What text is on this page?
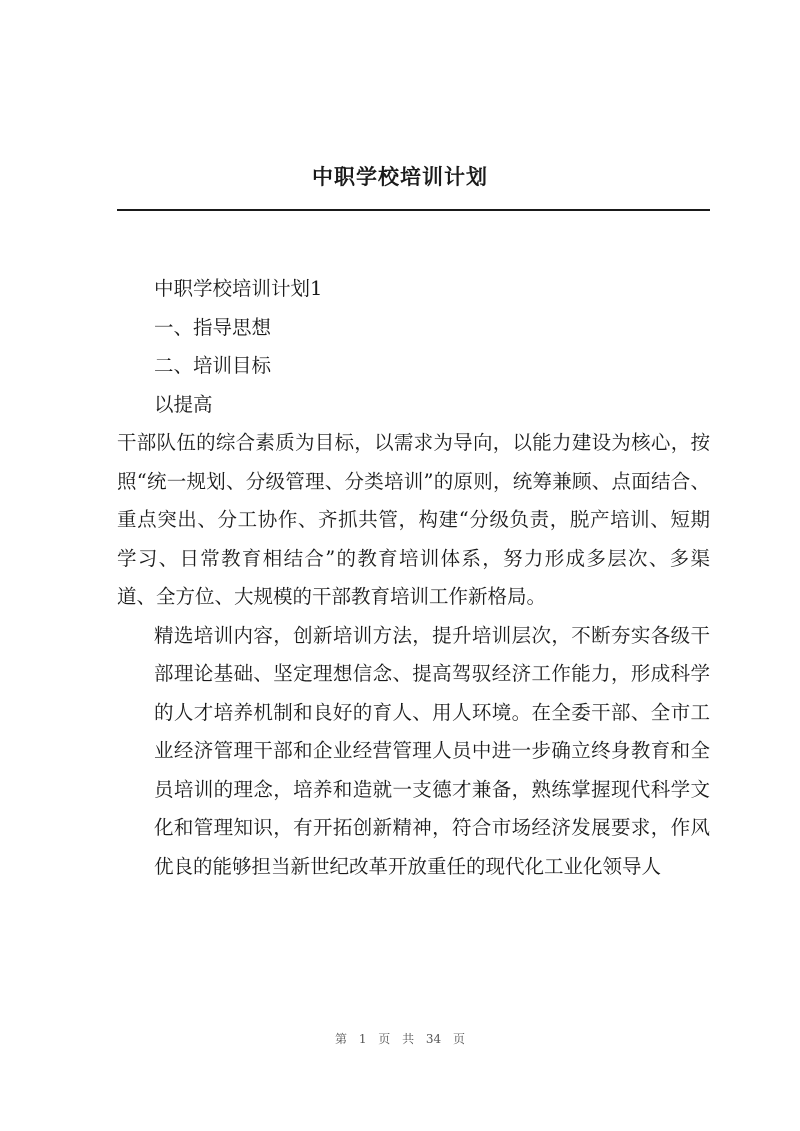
中职学校培训计划

中职学校培训计划1

一、指导思想

二、培训目标

以提高

干部队伍的综合素质为目标，以需求为导向，以能力建设为核心，按照“统一规划、分级管理、分类培训”的原则，统筹兼顾、点面结合、重点突出、分工协作、齐抓共管，构建“分级负责，脱产培训、短期学习、日常教育相结合”的教育培训体系，努力形成多层次、多渠道、全方位、大规模的干部教育培训工作新格局。

精选培训内容，创新培训方法，提升培训层次，不断夯实各级干部理论基础、坚定理想信念、提高驾驭经济工作能力，形成科学的人才培养机制和良好的育人、用人环境。在全委干部、全市工业经济管理干部和企业经营管理人员中进一步确立终身教育和全员培训的理念，培养和造就一支德才兼备，熟练掌握现代科学文化和管理知识，有开拓创新精神，符合市场经济发展要求，作风优良的能够担当新世纪改革开放重任的现代化工业化领导人

第 1 页 共 34 页
